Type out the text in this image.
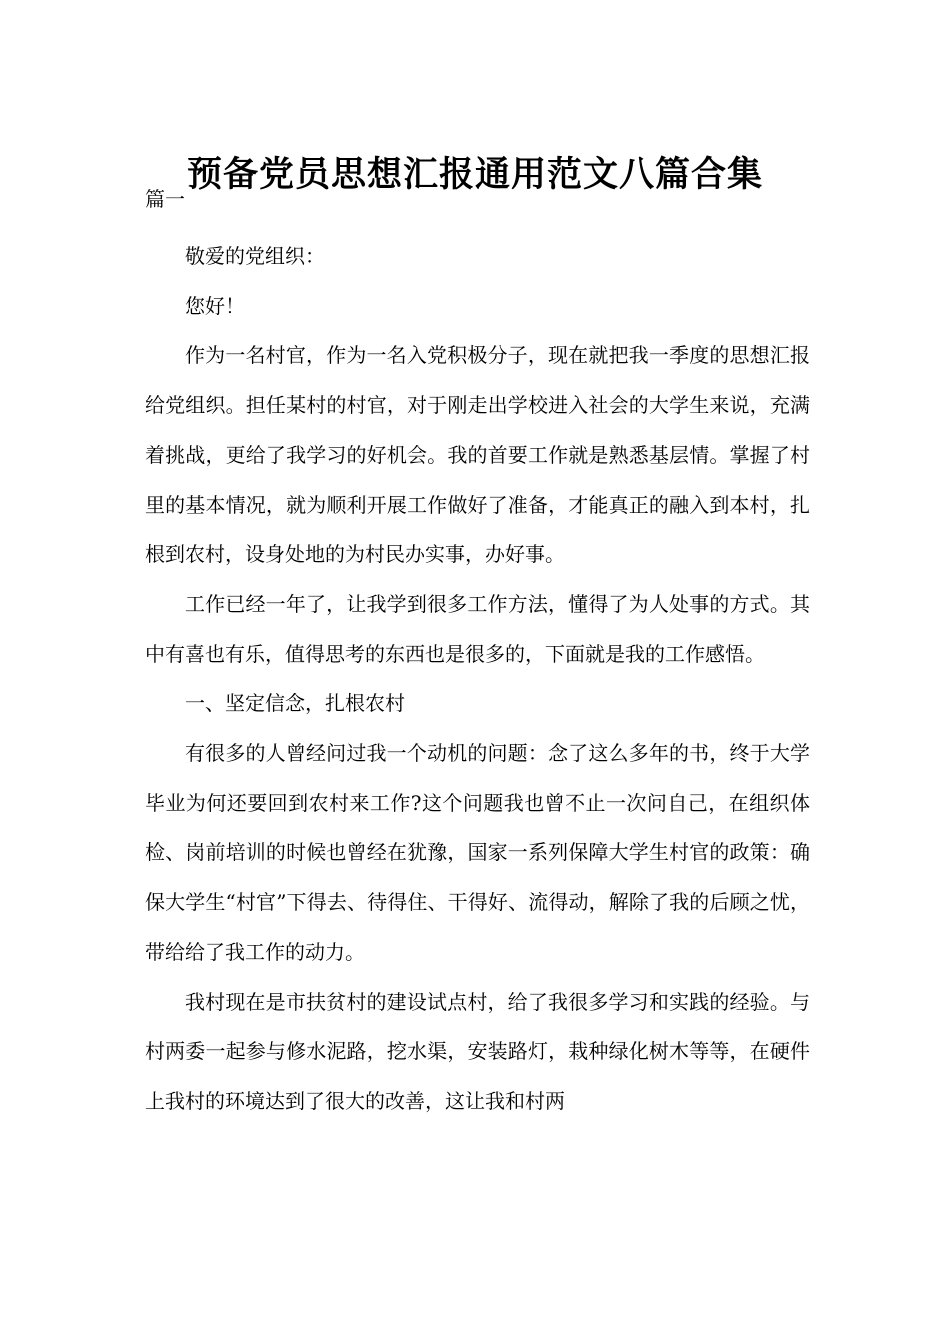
预备党员思想汇报通用范文八篇合集
篇一

敬爱的党组织：

您好！

作为一名村官，作为一名入党积极分子，现在就把我一季度的思想汇报给党组织。担任某村的村官，对于刚走出学校进入社会的大学生来说，充满着挑战，更给了我学习的好机会。我的首要工作就是熟悉基层情。掌握了村里的基本情况，就为顺利开展工作做好了准备，才能真正的融入到本村，扎根到农村，设身处地的为村民办实事，办好事。

工作已经一年了，让我学到很多工作方法，懂得了为人处事的方式。其中有喜也有乐，值得思考的东西也是很多的，下面就是我的工作感悟。

一、坚定信念，扎根农村

有很多的人曾经问过我一个动机的问题：念了这么多年的书，终于大学毕业为何还要回到农村来工作?这个问题我也曾不止一次问自己，在组织体检、岗前培训的时候也曾经在犹豫，国家一系列保障大学生村官的政策：确保大学生“村官”下得去、待得住、干得好、流得动，解除了我的后顾之忧，带给给了我工作的动力。

我村现在是市扶贫村的建设试点村，给了我很多学习和实践的经验。与村两委一起参与修水泥路，挖水渠，安装路灯，栽种绿化树木等等，在硬件上我村的环境达到了很大的改善，这让我和村两
